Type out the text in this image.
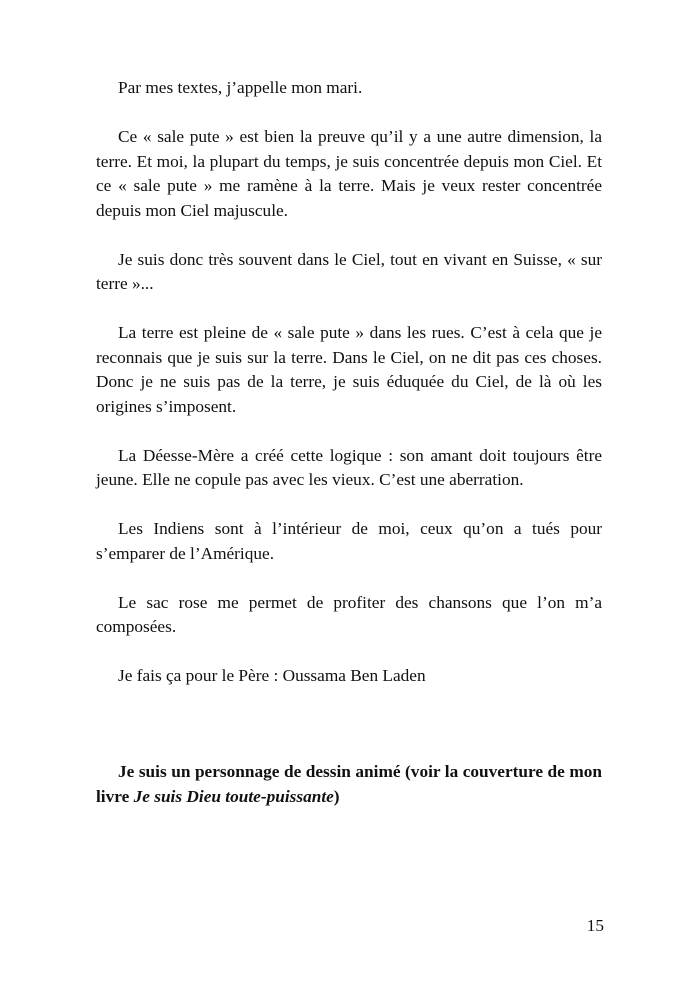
Par mes textes, j’appelle mon mari.

Ce « sale pute » est bien la preuve qu’il y a une autre dimension, la terre. Et moi, la plupart du temps, je suis concentrée depuis mon Ciel. Et ce « sale pute » me ramène à la terre. Mais je veux rester concentrée depuis mon Ciel majuscule.

Je suis donc très souvent dans le Ciel, tout en vivant en Suisse, « sur terre »...

La terre est pleine de « sale pute » dans les rues. C’est à cela que je reconnais que je suis sur la terre. Dans le Ciel, on ne dit pas ces choses. Donc je ne suis pas de la terre, je suis éduquée du Ciel, de là où les origines s’imposent.

La Déesse-Mère a créé cette logique : son amant doit toujours être jeune. Elle ne copule pas avec les vieux. C’est une aberration.

Les Indiens sont à l’intérieur de moi, ceux qu’on a tués pour s’emparer de l’Amérique.

Le sac rose me permet de profiter des chansons que l’on m’a composées.

Je fais ça pour le Père : Oussama Ben Laden

Je suis un personnage de dessin animé (voir la couverture de mon livre Je suis Dieu toute-puissante)

15
